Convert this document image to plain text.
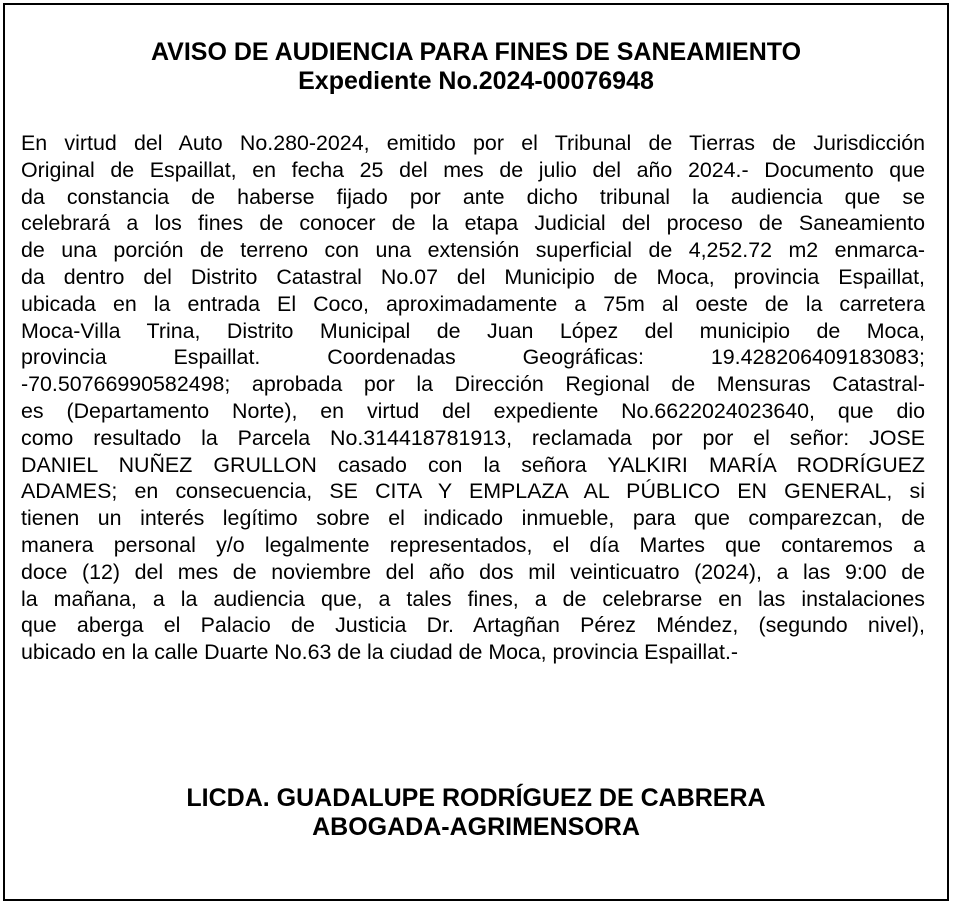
AVISO DE AUDIENCIA PARA FINES DE SANEAMIENTO
Expediente No.2024-00076948

En virtud del Auto No.280-2024, emitido por el Tribunal de Tierras de Jurisdicción
Original de Espaillat, en fecha 25 del mes de julio del año 2024.- Documento que
da constancia de haberse fijado por ante dicho tribunal la audiencia que se
celebrará a los fines de conocer de la etapa Judicial del proceso de Saneamiento
de una porción de terreno con una extensión superficial de 4,252.72 m2 enmarca-
da dentro del Distrito Catastral No.07 del Municipio de Moca, provincia Espaillat,
ubicada en la entrada El Coco, aproximadamente a 75m al oeste de la carretera
Moca-Villa Trina, Distrito Municipal de Juan López del municipio de Moca,
provincia Espaillat. Coordenadas Geográficas: 19.428206409183083;
-70.50766990582498; aprobada por la Dirección Regional de Mensuras Catastral-
es (Departamento Norte), en virtud del expediente No.6622024023640, que dio
como resultado la Parcela No.314418781913, reclamada por por el señor: JOSE
DANIEL NUÑEZ GRULLON casado con la señora YALKIRI MARÍA RODRÍGUEZ
ADAMES; en consecuencia, SE CITA Y EMPLAZA AL PÚBLICO EN GENERAL, si
tienen un interés legítimo sobre el indicado inmueble, para que comparezcan, de
manera personal y/o legalmente representados, el día Martes que contaremos a
doce (12) del mes de noviembre del año dos mil veinticuatro (2024), a las 9:00 de
la mañana, a la audiencia que, a tales fines, a de celebrarse en las instalaciones
que aberga el Palacio de Justicia Dr. Artagñan Pérez Méndez, (segundo nivel),
ubicado en la calle Duarte No.63 de la ciudad de Moca, provincia Espaillat.-

LICDA. GUADALUPE RODRÍGUEZ DE CABRERA
ABOGADA-AGRIMENSORA
